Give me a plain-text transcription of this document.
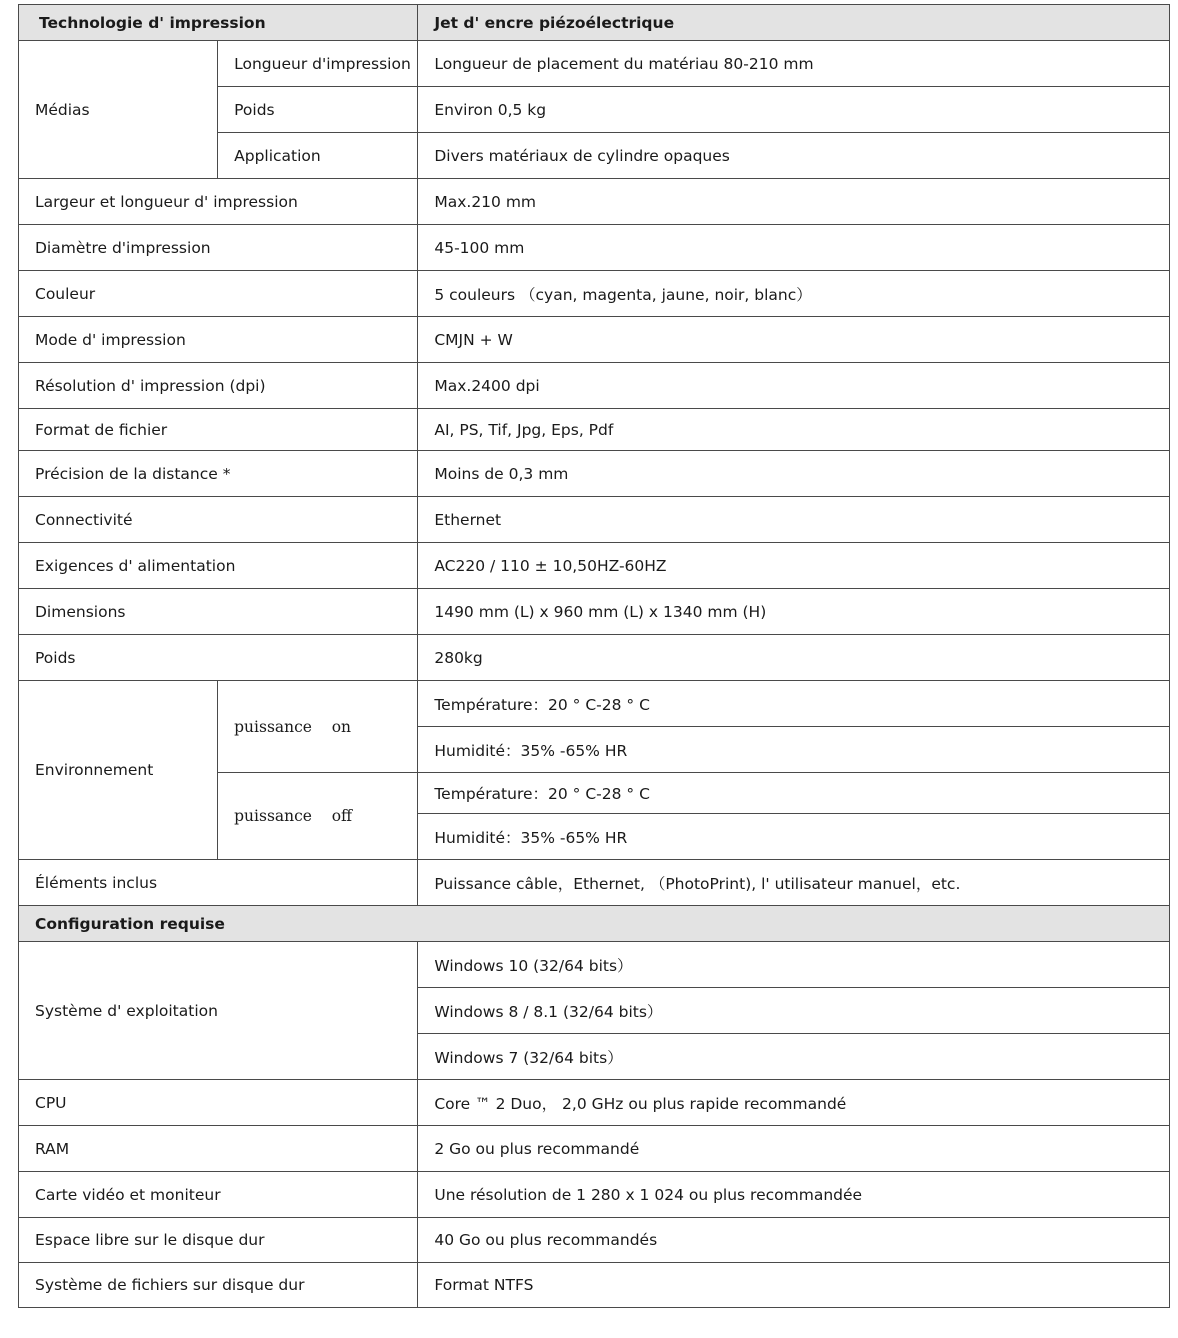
Technologie d' impression		Jet d' encre piézoélectrique
Médias	Longueur d'impression	Longueur de placement du matériau 80-210 mm
	Poids	Environ 0,5 kg
	Application	Divers matériaux de cylindre opaques
Largeur et longueur d' impression		Max.210 mm
Diamètre d'impression		45-100 mm
Couleur		5 couleurs （cyan, magenta, jaune, noir, blanc）
Mode d' impression		CMJN + W
Résolution d' impression (dpi)		Max.2400 dpi
Format de fichier		AI, PS, Tif, Jpg, Eps, Pdf
Précision de la distance *		Moins de 0,3 mm
Connectivité		Ethernet
Exigences d' alimentation		AC220 / 110 ± 10,50HZ-60HZ
Dimensions		1490 mm (L) x 960 mm (L) x 1340 mm (H)
Poids		280kg
Environnement	puissance on	Température：20 ° C-28 ° C
		Humidité：35% -65% HR
	puissance off	Température：20 ° C-28 ° C
		Humidité：35% -65% HR
Éléments inclus		Puissance câble，Ethernet, （PhotoPrint), l' utilisateur manuel，etc.
Configuration requise		
Système d' exploitation		Windows 10 (32/64 bits）
		Windows 8 / 8.1 (32/64 bits）
		Windows 7 (32/64 bits）
CPU		Core ™ 2 Duo， 2,0 GHz ou plus rapide recommandé
RAM		2 Go ou plus recommandé
Carte vidéo et moniteur		Une résolution de 1 280 x 1 024 ou plus recommandée
Espace libre sur le disque dur		40 Go ou plus recommandés
Système de fichiers sur disque dur		Format NTFS
